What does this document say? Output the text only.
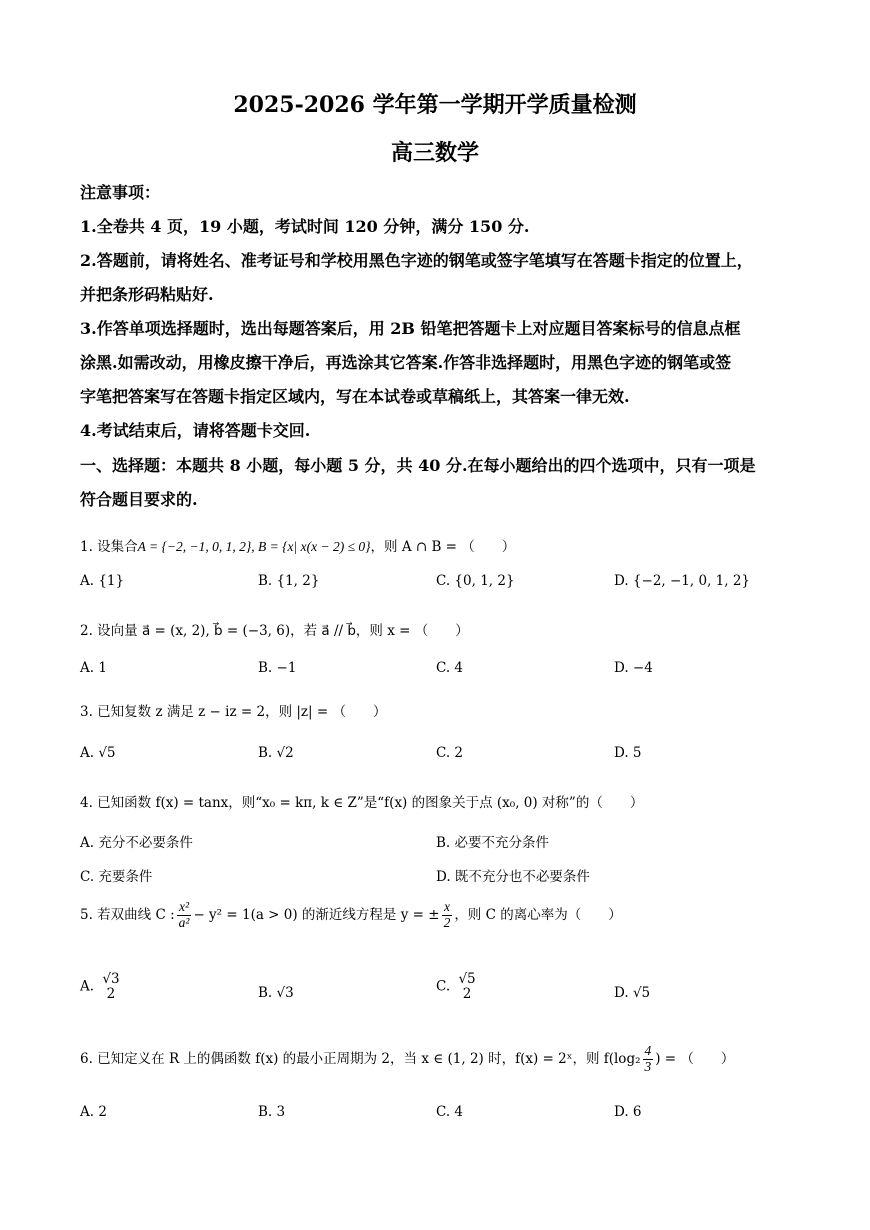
2025-2026 学年第一学期开学质量检测
高三数学
注意事项：
1.全卷共 4 页，19 小题，考试时间 120 分钟，满分 150 分.
2.答题前，请将姓名、准考证号和学校用黑色字迹的钢笔或签字笔填写在答题卡指定的位置上，
并把条形码粘贴好.
3.作答单项选择题时，选出每题答案后，用 2B 铅笔把答题卡上对应题目答案标号的信息点框
涂黑.如需改动，用橡皮擦干净后，再选涂其它答案.作答非选择题时，用黑色字迹的钢笔或签
字笔把答案写在答题卡指定区域内，写在本试卷或草稿纸上，其答案一律无效.
4.考试结束后，请将答题卡交回.
一、选择题：本题共 8 小题，每小题 5 分，共 40 分.在每小题给出的四个选项中，只有一项是
符合题目要求的.
1. 设集合A = {−2, −1, 0, 1, 2}, B = {x| x(x − 2) ≤ 0}，则 A ∩ B = （　　）
A. {1}	B. {1, 2}	C. {0, 1, 2}	D. {−2, −1, 0, 1, 2}
2. 设向量 a⃗ = (x, 2), b⃗ = (−3, 6)，若 a⃗ // b⃗，则 x = （　　）
A. 1	B. −1	C. 4	D. −4
3. 已知复数 z 满足 z − iz = 2，则 |z| = （　　）
A. √5	B. √2	C. 2	D. 5
4. 已知函数 f(x) = tanx，则“x₀ = kπ, k ∈ Z”是“f(x) 的图象关于点 (x₀, 0) 对称”的（　　）
A. 充分不必要条件	B. 必要不充分条件
C. 充要条件	D. 既不充分也不必要条件
5. 若双曲线 C : $\frac{\text{x²}}{\text{a²}} - y^2 = 1(a > 0)$ 的渐近线方程是 y = ± $\frac{x}{2}$ ，则 C 的离心率为（　　）
A. √3
2	B. √3	C. √5
2	D. √5
6. 已知定义在 R 上的偶函数 f(x) 的最小正周期为 2，当 x ∈ (1, 2) 时，f(x) = 2ˣ，则 $f(\log_2 \frac{4}{3}$ ) = （　　）
A. 2	B. 3	C. 4	D. 6
